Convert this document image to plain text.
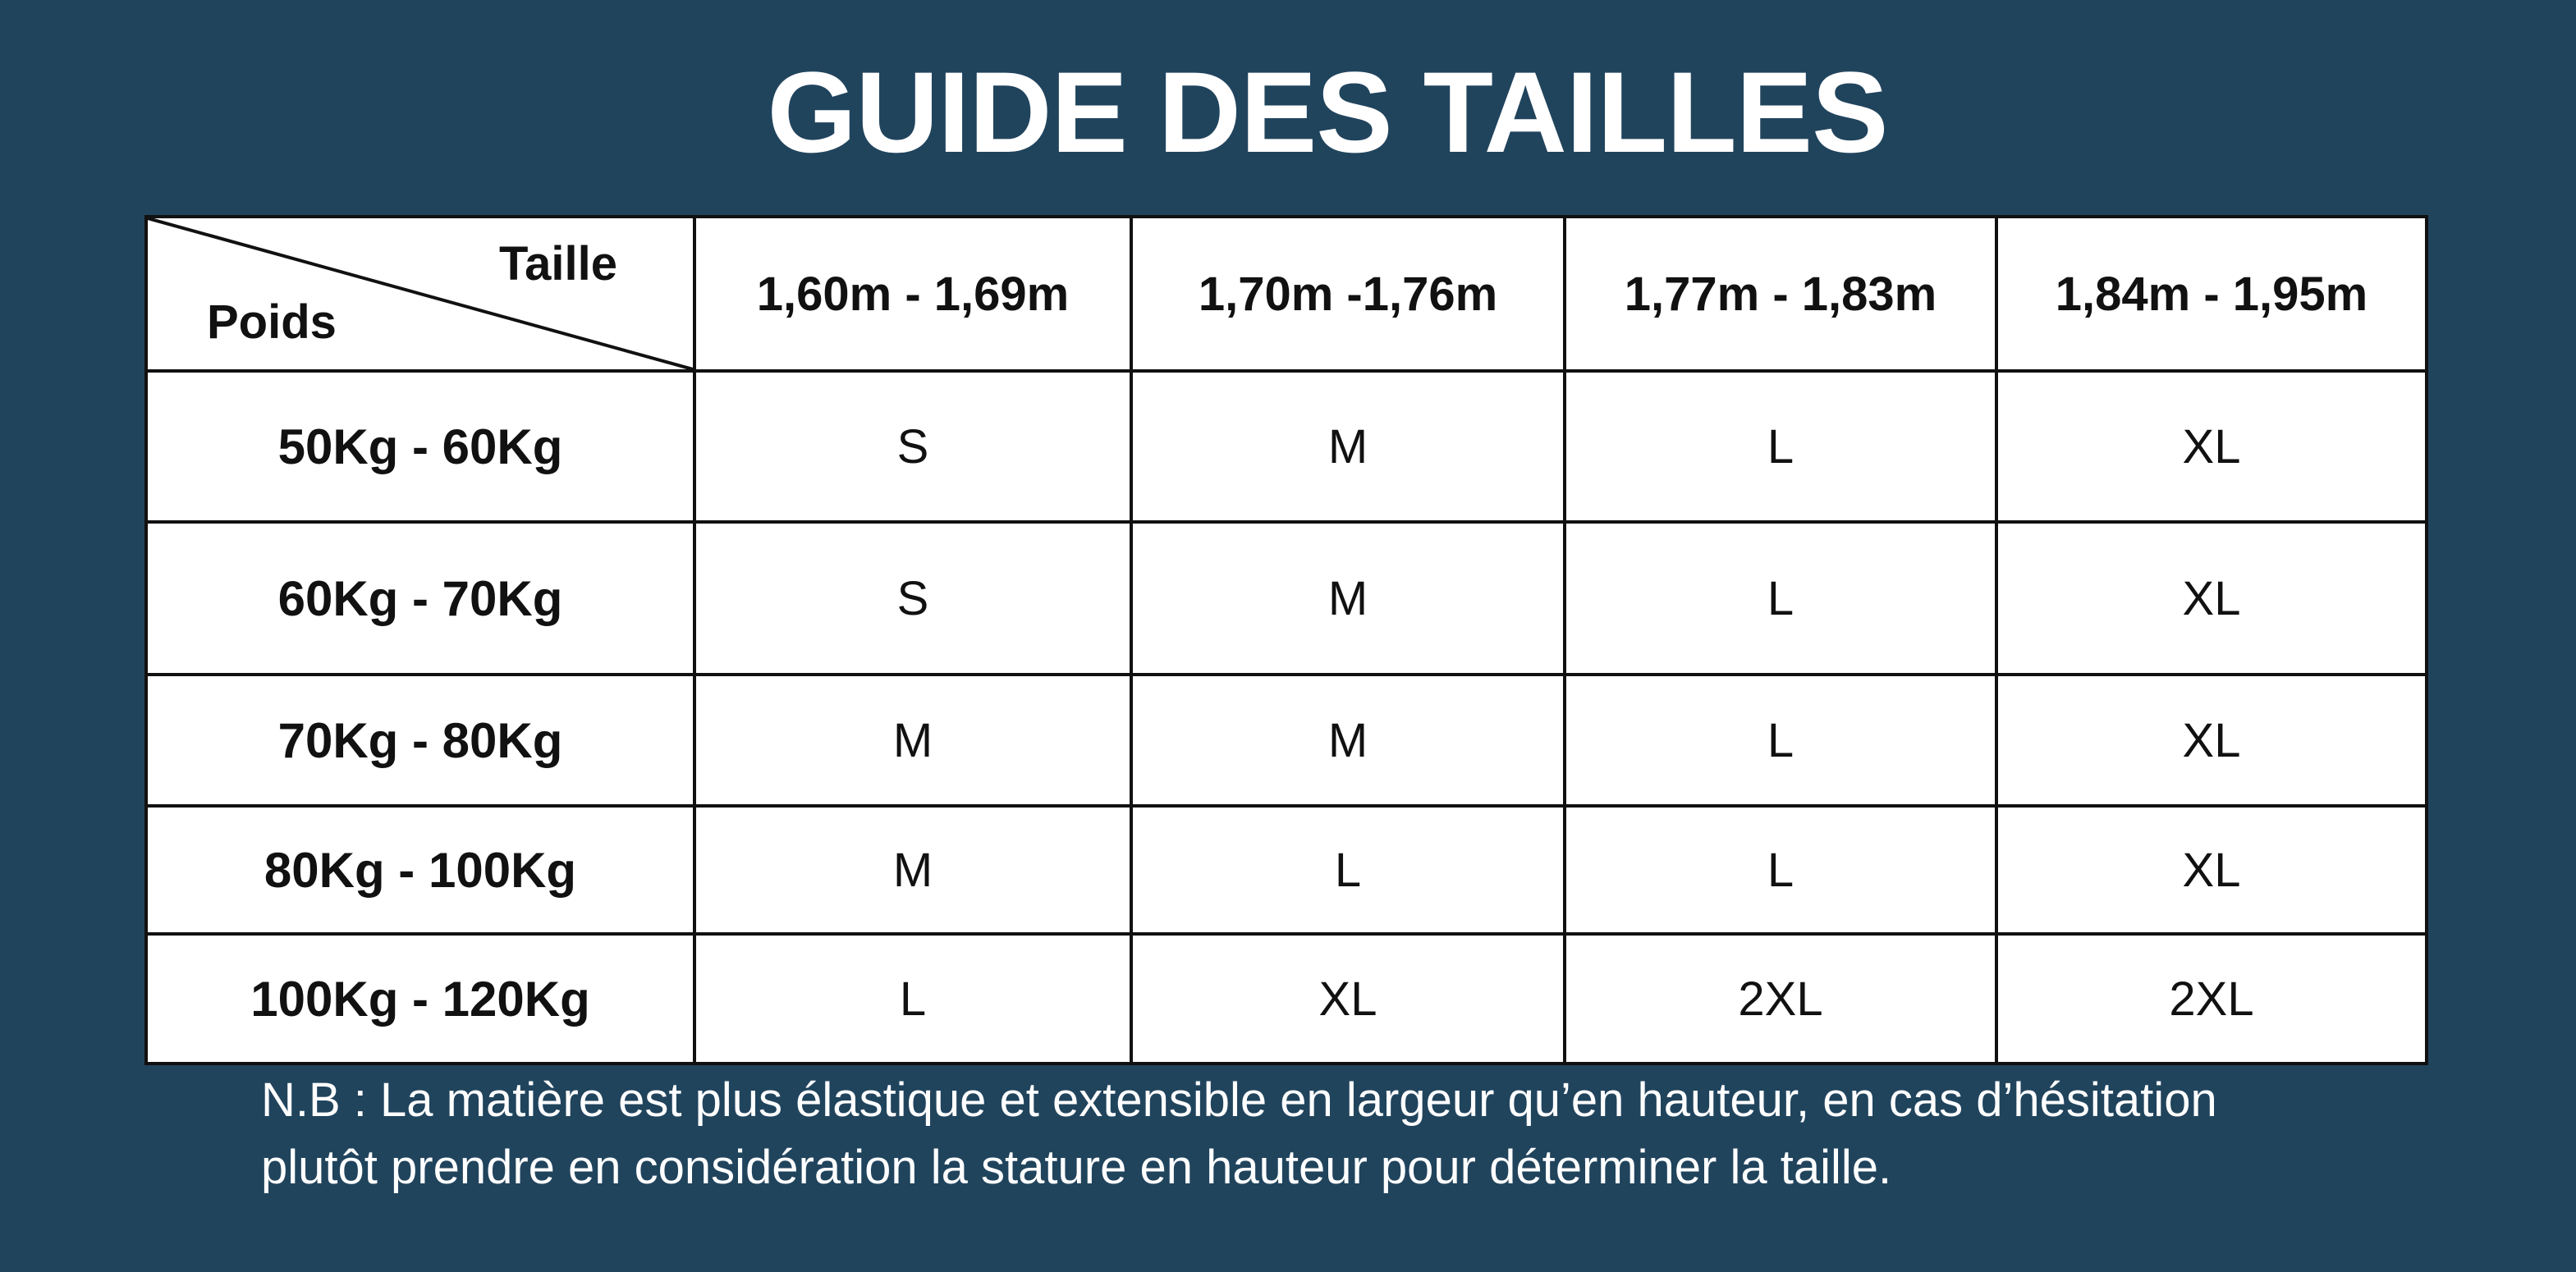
GUIDE DES TAILLES
Taille
Poids	1,60m - 1,69m	1,70m -1,76m	1,77m - 1,83m	1,84m - 1,95m
50Kg - 60Kg	S	M	L	XL
60Kg - 70Kg	S	M	L	XL
70Kg - 80Kg	M	M	L	XL
80Kg - 100Kg	M	L	L	XL
100Kg - 120Kg	L	XL	2XL	2XL
N.B : La matière est plus élastique et extensible en largeur qu’en hauteur, en cas d’hésitation
plutôt prendre en considération la stature en hauteur pour déterminer la taille.
